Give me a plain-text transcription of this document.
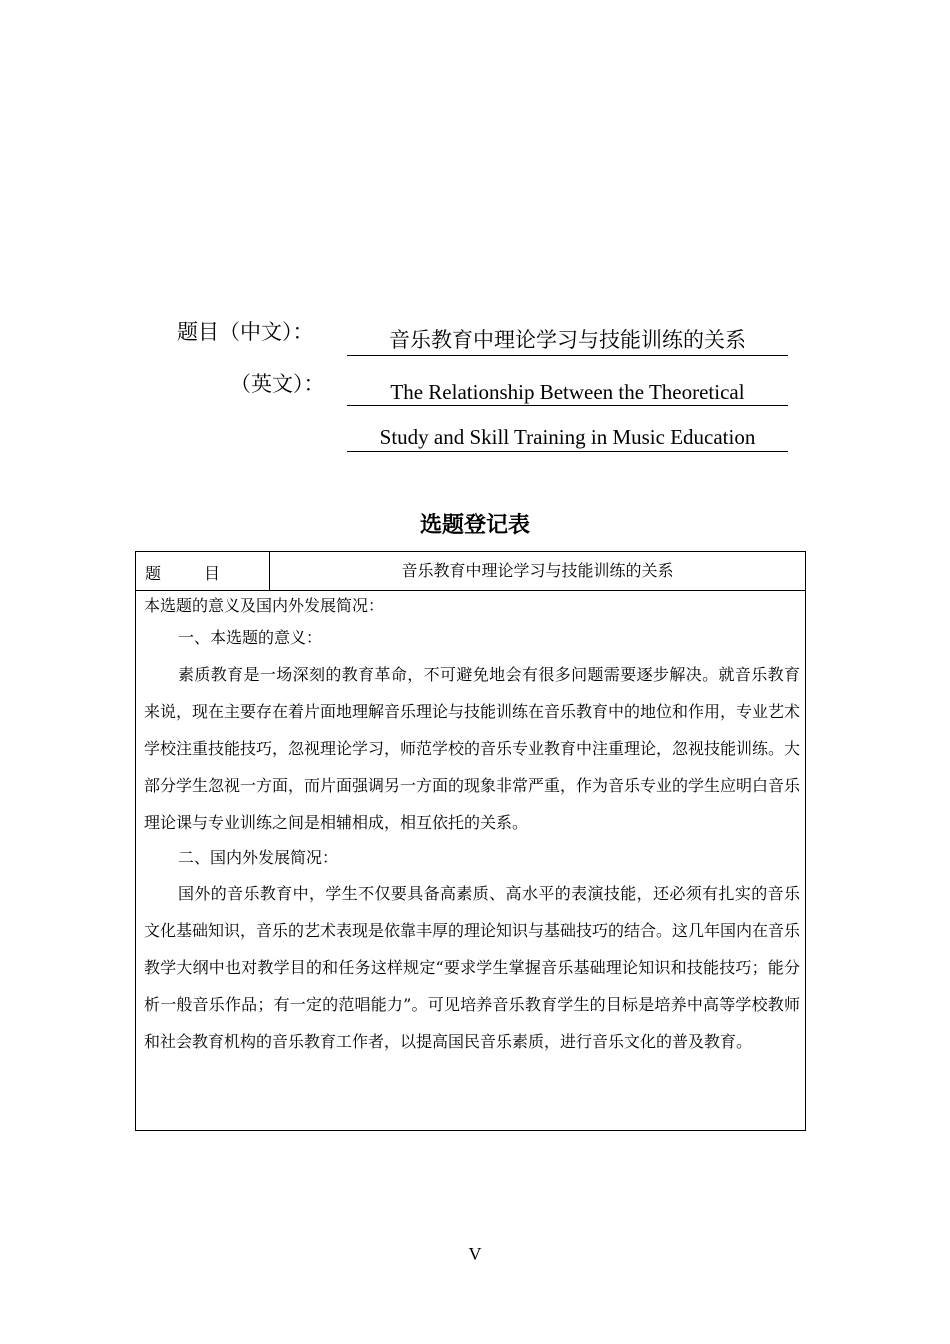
题目（中文）：
（英文）：
音乐教育中理论学习与技能训练的关系
The Relationship Between the Theoretical
Study and Skill Training in Music Education
选题登记表
题	目	音乐教育中理论学习与技能训练的关系

本选题的意义及国内外发展简况：

一、本选题的意义：

素质教育是一场深刻的教育革命，不可避免地会有很多问题需要逐步解决。就音乐教育来说，现在主要存在着片面地理解音乐理论与技能训练在音乐教育中的地位和作用，专业艺术学校注重技能技巧，忽视理论学习，师范学校的音乐专业教育中注重理论，忽视技能训练。大部分学生忽视一方面，而片面强调另一方面的现象非常严重，作为音乐专业的学生应明白音乐理论课与专业训练之间是相辅相成，相互依托的关系。

二、国内外发展简况：

国外的音乐教育中，学生不仅要具备高素质、高水平的表演技能，还必须有扎实的音乐文化基础知识，音乐的艺术表现是依靠丰厚的理论知识与基础技巧的结合。这几年国内在音乐教学大纲中也对教学目的和任务这样规定“要求学生掌握音乐基础理论知识和技能技巧；能分析一般音乐作品；有一定的范唱能力”。可见培养音乐教育学生的目标是培养中高等学校教师和社会教育机构的音乐教育工作者，以提高国民音乐素质，进行音乐文化的普及教育。

V
